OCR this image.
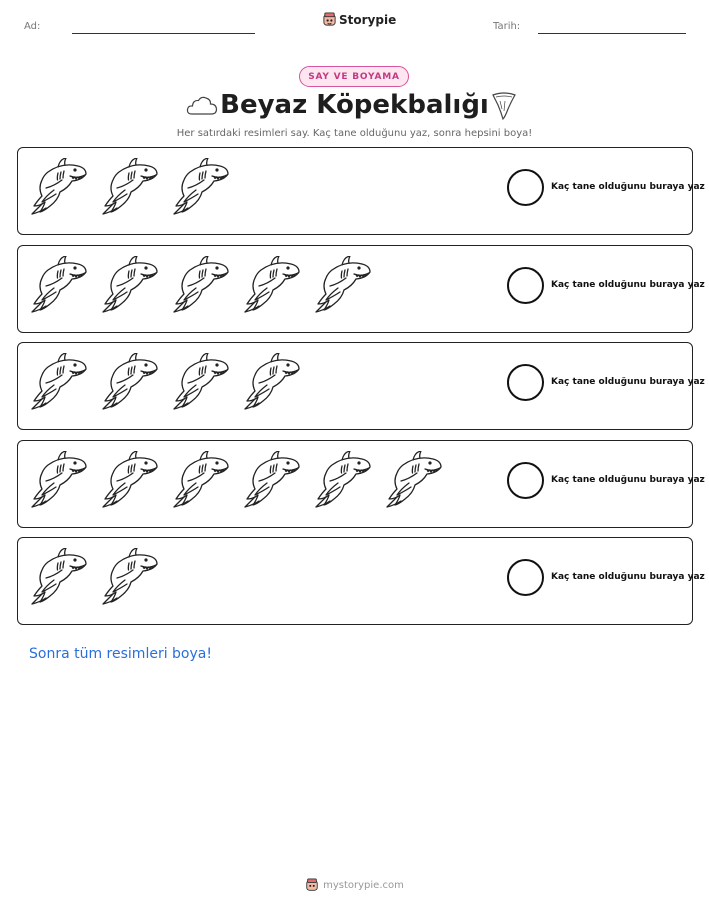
Ad:	Storypie	Tarih:
SAY VE BOYAMA
Beyaz Köpekbalığı
Her satırdaki resimleri say. Kaç tane olduğunu yaz, sonra hepsini boya!
Kaç tane olduğunu buraya yaz
Kaç tane olduğunu buraya yaz
Kaç tane olduğunu buraya yaz
Kaç tane olduğunu buraya yaz
Kaç tane olduğunu buraya yaz
Sonra tüm resimleri boya!
mystorypie.com
